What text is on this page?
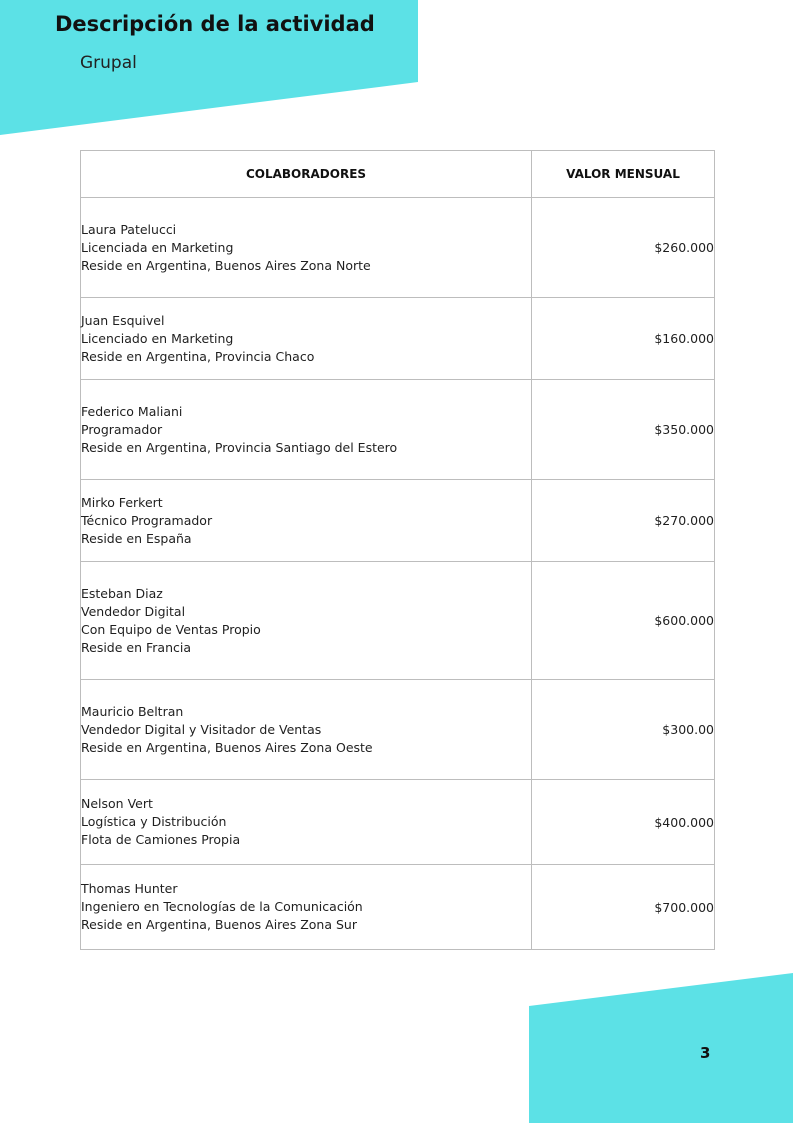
Descripción de la actividad
Grupal
COLABORADORES	VALOR MENSUAL

Laura Patelucci
Licenciada en Marketing
Reside en Argentina, Buenos Aires Zona Norte	$260.000

Juan Esquivel
Licenciado en Marketing
Reside en Argentina, Provincia Chaco	$160.000

Federico Maliani
Programador
Reside en Argentina, Provincia Santiago del Estero	$350.000

Mirko Ferkert
Técnico Programador
Reside en España	$270.000

Esteban Diaz
Vendedor Digital
Con Equipo de Ventas Propio
Reside en Francia	$600.000

Mauricio Beltran
Vendedor Digital y Visitador de Ventas
Reside en Argentina, Buenos Aires Zona Oeste	$300.00

Nelson Vert
Logística y Distribución
Flota de Camiones Propia	$400.000

Thomas Hunter
Ingeniero en Tecnologías de la Comunicación
Reside en Argentina, Buenos Aires Zona Sur	$700.000
3
